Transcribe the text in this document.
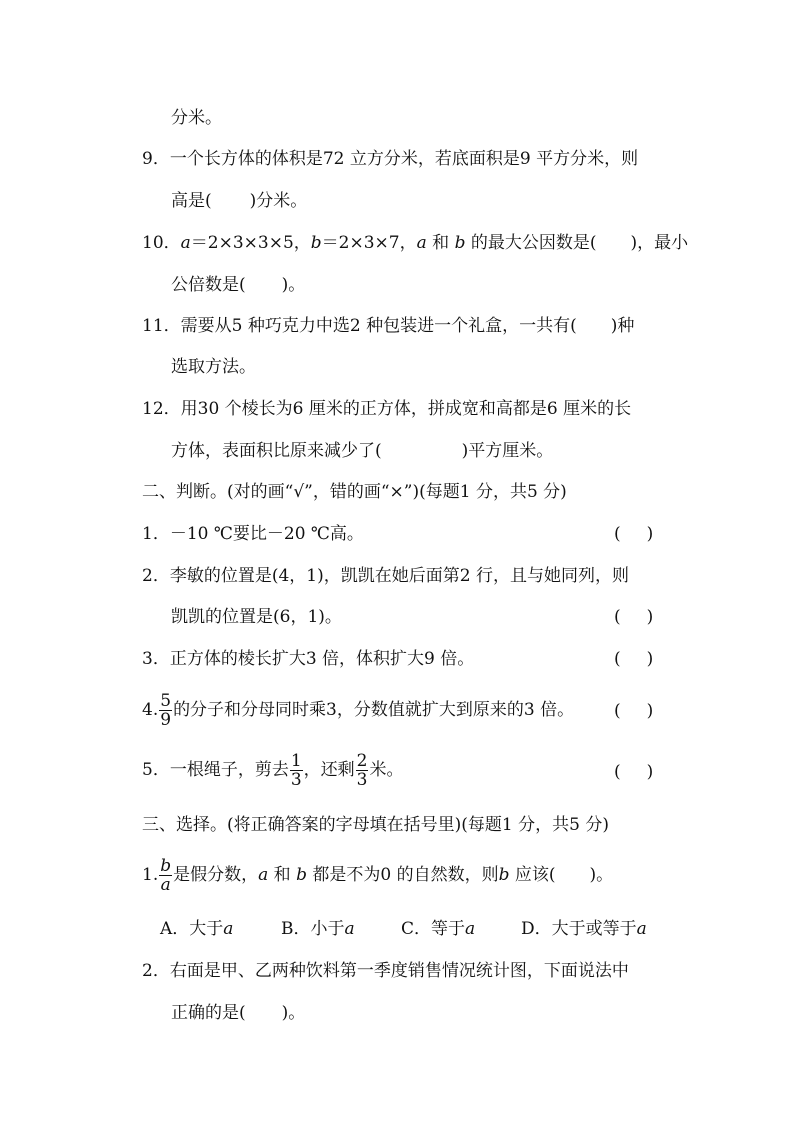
分米。
9．一个长方体的体积是72 立方分米，若底面积是9 平方分米，则
高是( )分米。
10．a＝2×3×3×5，b＝2×3×7，a 和 b 的最大公因数是( )，最小
公倍数是( )。
11．需要从5 种巧克力中选2 种包装进一个礼盒，一共有( )种
选取方法。
12．用30 个棱长为6 厘米的正方体，拼成宽和高都是6 厘米的长
方体，表面积比原来减少了(	)平方厘米。
二、判断。(对的画“√”，错的画“×”)(每题1 分，共5 分)
1．－10 ℃要比－20 ℃高。	( )
2．李敏的位置是(4，1)，凯凯在她后面第2 行，且与她同列，则
凯凯的位置是(6，1)。	( )
3．正方体的棱长扩大3 倍，体积扩大9 倍。	( )
4. $\frac{5}{9}$ 的分子和分母同时乘3，分数值就扩大到原来的3 倍。 ( )
5．一根绳子，剪去 $\frac{1}{3}$ ，还剩 $\frac{2}{3}$ 米。	( )
三、选择。(将正确答案的字母填在括号里)(每题1 分，共5 分)
1. $\frac{b}{a}$ 是假分数，a 和 b 都是不为0 的自然数，则b 应该( )。
A．大于a	B．小于a	C．等于a	D．大于或等于a
2．右面是甲、乙两种饮料第一季度销售情况统计图，下面说法中
正确的是( )。
